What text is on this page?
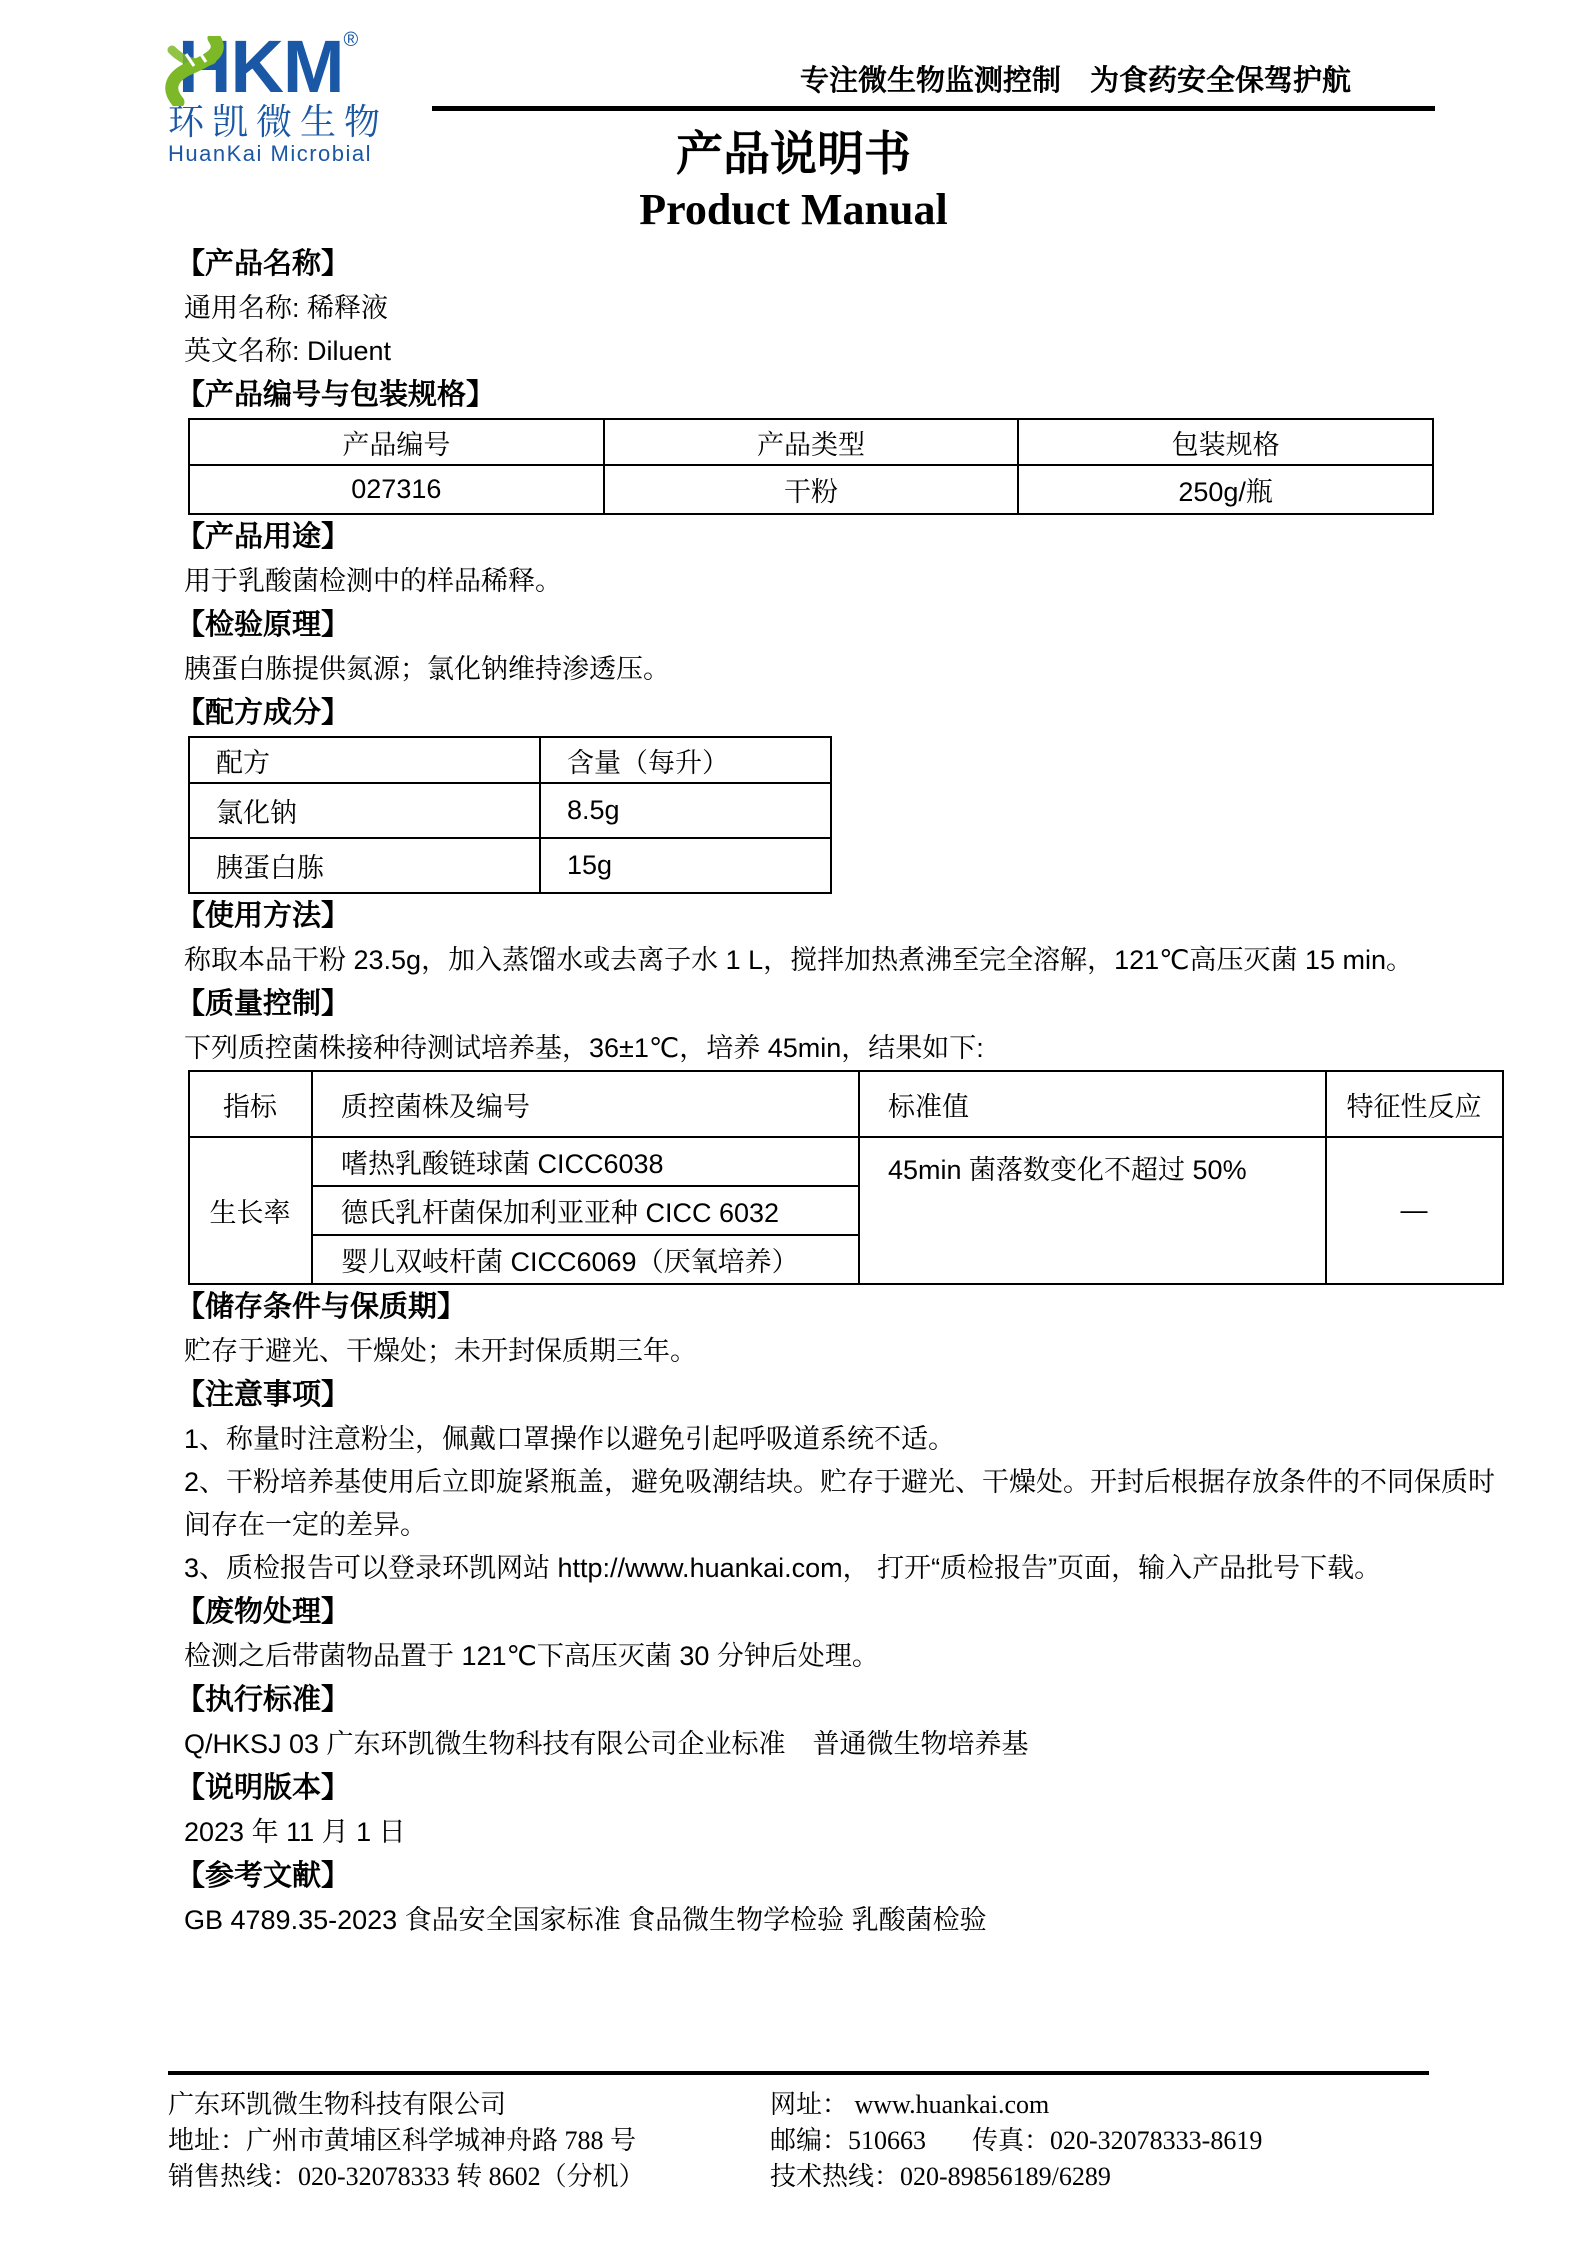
HKM®
环凯微生物
HuanKai Microbial
专注微生物监测控制　为食药安全保驾护航
产品说明书
Product Manual
【产品名称】

通用名称: 稀释液

英文名称: Diluent

【产品编号与包装规格】
产品编号	产品类型	包装规格
027316	干粉	250g/瓶
【产品用途】

用于乳酸菌检测中的样品稀释。

【检验原理】

胰蛋白胨提供氮源；氯化钠维持渗透压。

【配方成分】
配方	含量（每升）
氯化钠	8.5g
胰蛋白胨	15g
【使用方法】

称取本品干粉 23.5g，加入蒸馏水或去离子水 1 L，搅拌加热煮沸至完全溶解，121℃高压灭菌 15 min。

【质量控制】

下列质控菌株接种待测试培养基，36±1℃，培养 45min，结果如下:

指标	质控菌株及编号	标准值	特征性反应
生长率	嗜热乳酸链球菌 CICC6038	45min 菌落数变化不超过 50%	—
	德氏乳杆菌保加利亚亚种 CICC 6032		
	婴儿双岐杆菌 CICC6069（厌氧培养）		
【储存条件与保质期】

贮存于避光、干燥处；未开封保质期三年。

【注意事项】

1、称量时注意粉尘，佩戴口罩操作以避免引起呼吸道系统不适。

2、干粉培养基使用后立即旋紧瓶盖，避免吸潮结块。贮存于避光、干燥处。开封后根据存放条件的不同保质时间存在一定的差异。

3、质检报告可以登录环凯网站 http://www.huankai.com， 打开“质检报告”页面，输入产品批号下载。

【废物处理】

检测之后带菌物品置于 121℃下高压灭菌 30 分钟后处理。

【执行标准】

Q/HKSJ 03 广东环凯微生物科技有限公司企业标准　普通微生物培养基

【说明版本】

2023 年 11 月 1 日

【参考文献】

GB 4789.35-2023 食品安全国家标准 食品微生物学检验 乳酸菌检验

广东环凯微生物科技有限公司
地址：广州市黄埔区科学城神舟路 788 号
销售热线：020-32078333 转 8602（分机）
网址： www.huankai.com
邮编：510663 传真：020-32078333-8619
技术热线：020-89856189/6289
